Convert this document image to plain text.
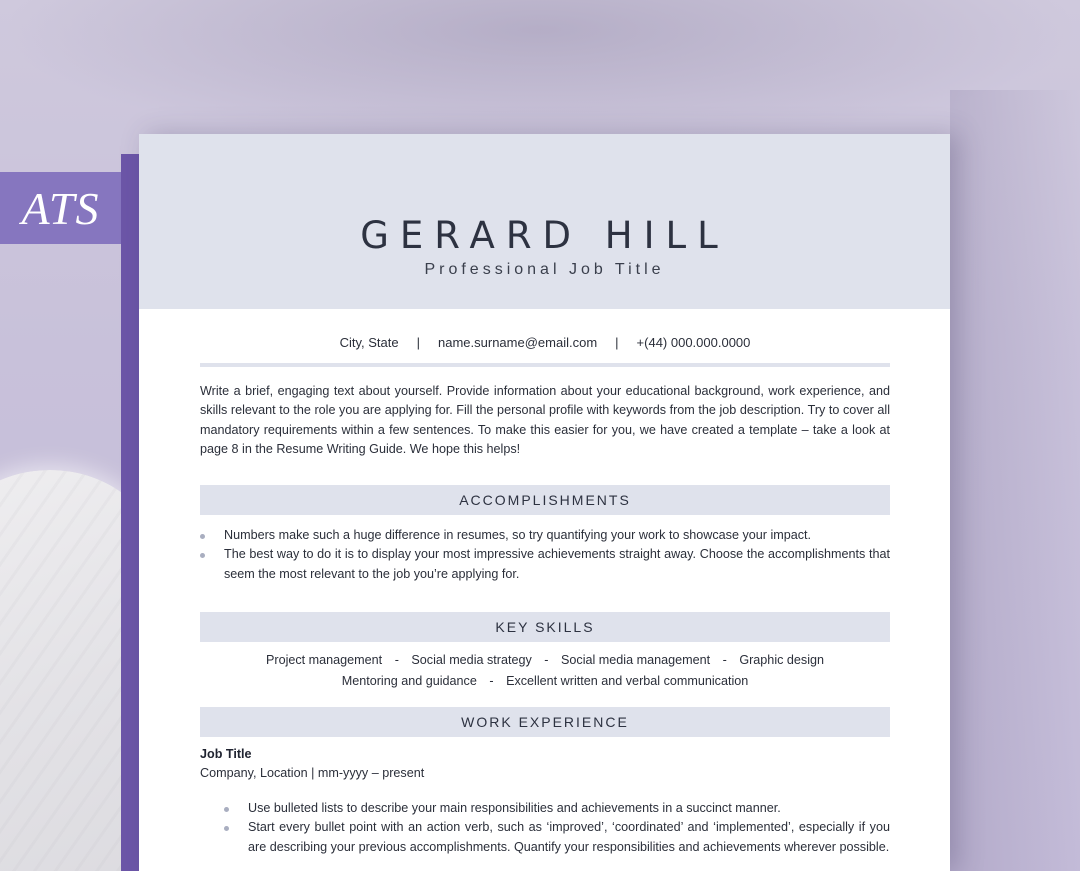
ATS
GERARD HILL
Professional Job Title
City, State | name.surname@email.com | +(44) 000.000.0000

Write a brief, engaging text about yourself. Provide information about your educational background, work experience, and skills relevant to the role you are applying for. Fill the personal profile with keywords from the job description. Try to cover all mandatory requirements within a few sentences. To make this easier for you, we have created a template – take a look at page 8 in the Resume Writing Guide. We hope this helps!

ACCOMPLISHMENTS
Numbers make such a huge difference in resumes, so try quantifying your work to showcase your impact.
The best way to do it is to display your most impressive achievements straight away. Choose the accomplishments that seem the most relevant to the job you’re applying for.
KEY SKILLS
Project management - Social media strategy - Social media management - Graphic design
Mentoring and guidance - Excellent written and verbal communication
WORK EXPERIENCE
Job Title
Company, Location | mm-yyyy – present
Use bulleted lists to describe your main responsibilities and achievements in a succinct manner.
Start every bullet point with an action verb, such as ‘improved’, ‘coordinated’ and ‘implemented’, especially if you are describing your previous accomplishments. Quantify your responsibilities and achievements wherever possible.
